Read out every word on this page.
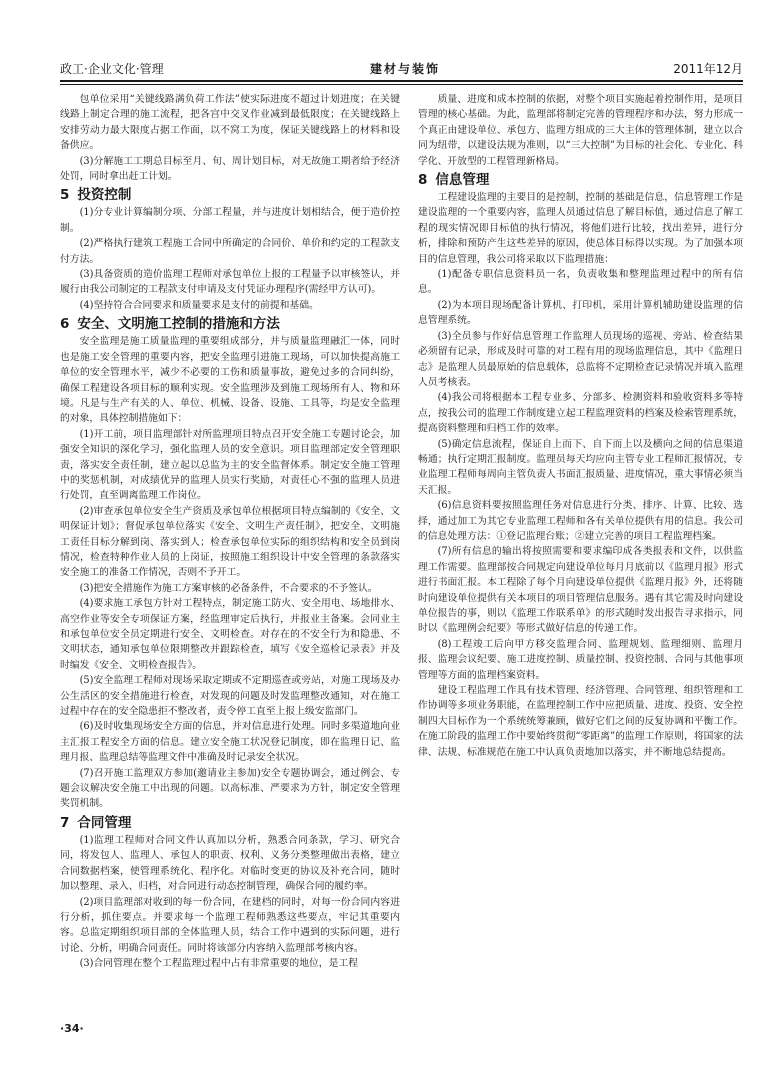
政工·企业文化·管理	建材与装饰	2011年12月

包单位采用“关键线路满负荷工作法”使实际进度不超过计划进度；在关键线路上制定合理的施工流程，把各宫中交叉作业减到最低限度；在关键线路上安排劳动力最大限度占据工作面，以不窝工为度，保证关键线路上的材料和设备供应。

(3)分解施工工期总目标至月、旬、周计划目标，对无故施工期者给予经济处罚，同时拿出赶工计划。

5 投资控制

(1)分专业计算编制分项、分部工程量，并与进度计划相结合，便于造价控制。

(2)严格执行建筑工程施工合同中所确定的合同价、单价和约定的工程款支付方法。

(3)具备资质的造价监理工程师对承包单位上报的工程量予以审核签认，并履行由我公司制定的工程款支付申请及支付凭证办理程序(需经甲方认可)。

(4)坚持符合合同要求和质量要求是支付的前提和基础。

6 安全、文明施工控制的措施和方法

安全监理是施工质量监理的重要组成部分，并与质量监理融汇一体，同时也是施工安全管理的重要内容，把安全监理引进施工现场，可以加快提高施工单位的安全管理水平，减少不必要的工伤和质量事故，避免过多的合同纠纷，确保工程建设各项目标的顺利实现。安全监理涉及到施工现场所有人、物和环境。凡是与生产有关的人、单位、机械、设备、设施、工具等，均是安全监理的对象，具体控制措施如下：

(1)开工前，项目监理部针对所监理项目特点召开安全施工专题讨论会，加强安全知识的深化学习，强化监理人员的安全意识。项目监理部定安全管理职责，落实安全责任制，建立起以总监为主的安全监督体系。制定安全施工管理中的奖惩机制，对成绩优异的监理人员实行奖励，对责任心不强的监理人员进行处罚，直至调离监理工作岗位。

(2)审查承包单位安全生产资质及承包单位根据项目特点编制的《安全、文明保证计划》；督促承包单位落实《安全、文明生产责任制》，把安全、文明施工责任目标分解到岗、落实到人；检查承包单位实际的组织结构和安全员到岗情况，检查特种作业人员的上岗证，按照施工组织设计中安全管理的条款落实安全施工的准备工作情况，否则不予开工。

(3)把安全措施作为施工方案审核的必备条件，不合要求的不予签认。

(4)要求施工承包方针对工程特点，制定施工防火、安全用电、场地排水、高空作业等安全专项保证方案，经监理审定后执行，并报业主备案。会同业主和承包单位安全员定期进行安全、文明检查。对存在的不安全行为和隐患、不文明状态，通知承包单位限期整改并跟踪检查，填写《安全巡检记录表》并及时编发《安全、文明检查报告》。

(5)安全监理工程师对现场采取定期或不定期巡查或旁站，对施工现场及办公生活区的安全措施进行检查，对发现的问题及时发监理整改通知，对在施工过程中存在的安全隐患拒不整改者，责令停工直至上报上级安监部门。

(6)及时收集现场安全方面的信息，并对信息进行处理。同时多渠道地向业主汇报工程安全方面的信息。建立安全施工状况登记制度，即在监理日记、监理月报、监理总结等监理文件中准确及时记录安全状况。

(7)召开施工监理双方参加(邀请业主参加)安全专题协调会，通过例会、专题会议解决安全施工中出现的问题。以高标准、严要求为方针，制定安全管理奖罚机制。

7 合同管理

(1)监理工程师对合同文件认真加以分析，熟悉合同条款，学习、研究合同，将发包人、监理人、承包人的职责、权利、义务分类整理做出表格，建立合同数据档案，使管理系统化、程序化。对临时变更的协议及补充合同，随时加以整理、录入、归档，对合同进行动态控制管理，确保合同的履约率。

(2)项目监理部对收到的每一份合同，在建档的同时，对每一份合同内容进行分析，抓住要点。并要求每一个监理工程师熟悉这些要点，牢记其重要内容。总监定期组织项目部的全体监理人员，结合工作中遇到的实际问题，进行讨论、分析，明确合同责任。同时将该部分内容纳入监理部考核内容。

(3)合同管理在整个工程监理过程中占有非常重要的地位，是工程

质量、进度和成本控制的依据，对整个项目实施起着控制作用，是项目管理的核心基础。为此，监理部将制定完善的管理程序和办法，努力形成一个真正由建设单位、承包方、监理方组成的三大主体的管理体制，建立以合同为纽带，以建设法规为准则，以“三大控制”为目标的社会化、专业化、科学化、开放型的工程管理新格局。

8 信息管理

工程建设监理的主要目的是控制，控制的基础是信息，信息管理工作是建设监理的一个重要内容，监理人员通过信息了解目标值，通过信息了解工程的现实情况即目标值的执行情况，将他们进行比较，找出差异，进行分析，排除和预防产生这些差异的原因，使总体目标得以实现。为了加强本项目的信息管理，我公司将采取以下监理措施：

(1)配备专职信息资料员一名，负责收集和整理监理过程中的所有信息。

(2)为本项目现场配备计算机、打印机，采用计算机辅助建设监理的信息管理系统。

(3)全员参与作好信息管理工作监理人员现场的巡视、旁站、检查结果必须留有记录，形成及时可靠的对工程有用的现场监理信息，其中《监理日志》是监理人员最原始的信息载体，总监将不定期检查记录情况并填入监理人员考核表。

(4)我公司将根据本工程专业多、分部多、检测资料和验收资料多等特点，按我公司的监理工作制度建立起工程监理资料的档案及检索管理系统，提高资料整理和归档工作的效率。

(5)确定信息流程，保证自上而下、自下而上以及横向之间的信息渠道畅通；执行定期汇报制度。监理员每天均应向主管专业工程师汇报情况，专业监理工程师每周向主管负责人书面汇报质量、进度情况，重大事情必须当天汇报。

(6)信息资料要按照监理任务对信息进行分类、排序、计算、比较、选择，通过加工为其它专业监理工程师和各有关单位提供有用的信息。我公司的信息处理方法：①登记监理台账；②建立完善的项目工程监理档案。

(7)所有信息的输出将按照需要和要求编印成各类报表和文件，以供监理工作需要。监理部按合同规定向建设单位每月月底前以《监理月报》形式进行书面汇报。本工程除了每个月向建设单位提供《监理月报》外，还将随时向建设单位提供有关本项目的项目管理信息服务。遇有其它需及时向建设单位报告的事，则以《监理工作联系单》的形式随时发出报告寻求指示，同时以《监理例会纪要》等形式做好信息的传递工作。

(8)工程竣工后向甲方移交监理合同、监理规划、监理细则、监理月报、监理会议纪要、施工进度控制、质量控制、投资控制、合同与其他事项管理等方面的监理档案资料。

建设工程监理工作具有技术管理、经济管理、合同管理、组织管理和工作协调等多项业务职能，在监理控制工作中应把质量、进度、投资、安全控制四大目标作为一个系统统筹兼顾，做好它们之间的反复协调和平衡工作。在施工阶段的监理工作中要始终贯彻“零距离”的监理工作原则，将国家的法律、法规、标准规范在施工中认真负责地加以落实，并不断地总结提高。

·34·
